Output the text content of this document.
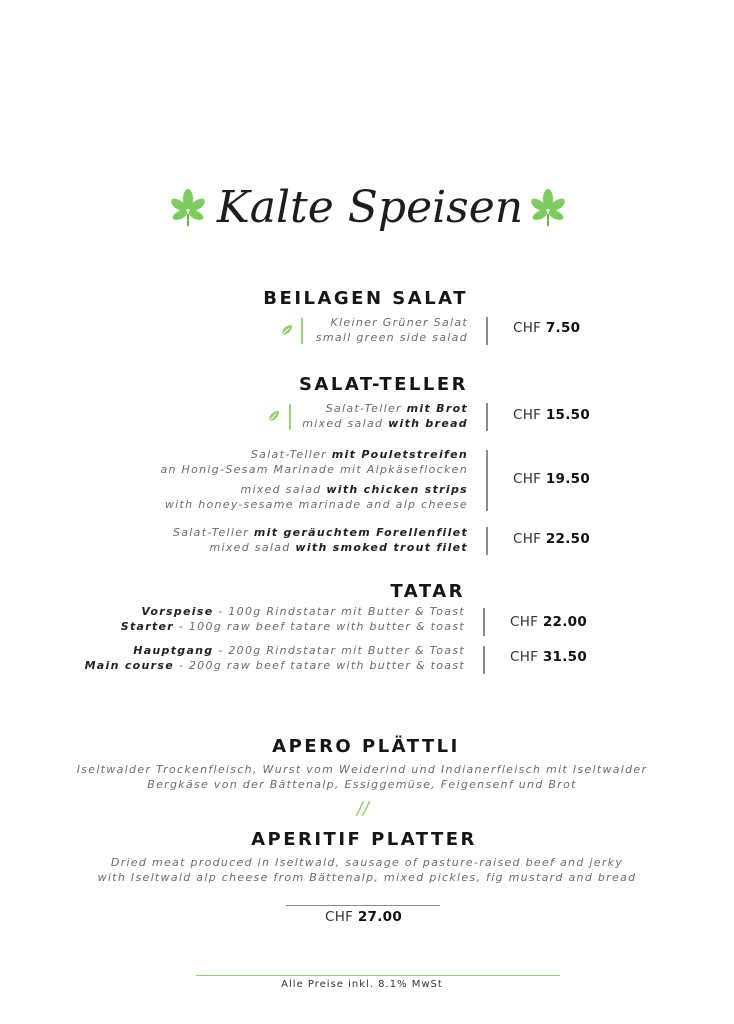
Kalte Speisen
BEILAGEN SALAT
Kleiner Grüner Salat
small green side salad
CHF 7.50
SALAT-TELLER
Salat-Teller mit Brot
mixed salad with bread
CHF 15.50
Salat-Teller mit Pouletstreifen
an Honig-Sesam Marinade mit Alpkäseflocken
mixed salad with chicken strips
with honey-sesame marinade and alp cheese
CHF 19.50
Salat-Teller mit geräuchtem Forellenfilet
mixed salad with smoked trout filet
CHF 22.50
TATAR
Vorspeise - 100g Rindstatar mit Butter & Toast
Starter - 100g raw beef tatare with butter & toast	CHF 22.00
Hauptgang - 200g Rindstatar mit Butter & Toast
Main course - 200g raw beef tatare with butter & toast
CHF 31.50
APERO PLÄTTLI
Iseltwalder Trockenfleisch, Wurst vom Weiderind und Indianerfleisch mit Iseltwalder
Bergkäse von der Bättenalp, Essiggemüse, Feigensenf und Brot
//
APERITIF PLATTER
Dried meat produced in Iseltwald, sausage of pasture-raised beef and jerky
with Iseltwald alp cheese from Bättenalp, mixed pickles, fig mustard and bread
CHF 27.00
Alle Preise inkl. 8.1% MwSt
